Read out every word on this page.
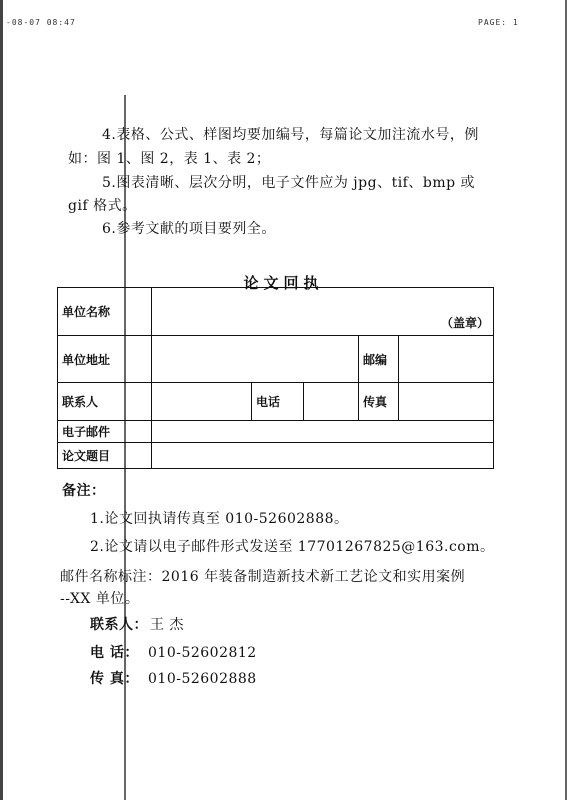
-08-07 08:47	PAGE: 1
4.表格、公式、样图均要加编号，每篇论文加注流水号，例
如：图 1、图 2，表 1、表 2；
5.图表清晰、层次分明，电子文件应为 jpg、tif、bmp 或
gif 格式。
6.参考文献的项目要列全。
论文回执
单位名称	（盖章）				
单位地址				邮编	
联系人		电话		传真	
电子邮件					
论文题目					
备注：
1.论文回执请传真至 010-52602888。
2.论文请以电子邮件形式发送至 17701267825@163.com。
邮件名称标注：2016 年装备制造新技术新工艺论文和实用案例
--XX 单位。
联系人： 王 杰
电 话： 010-52602812
传 真： 010-52602888
